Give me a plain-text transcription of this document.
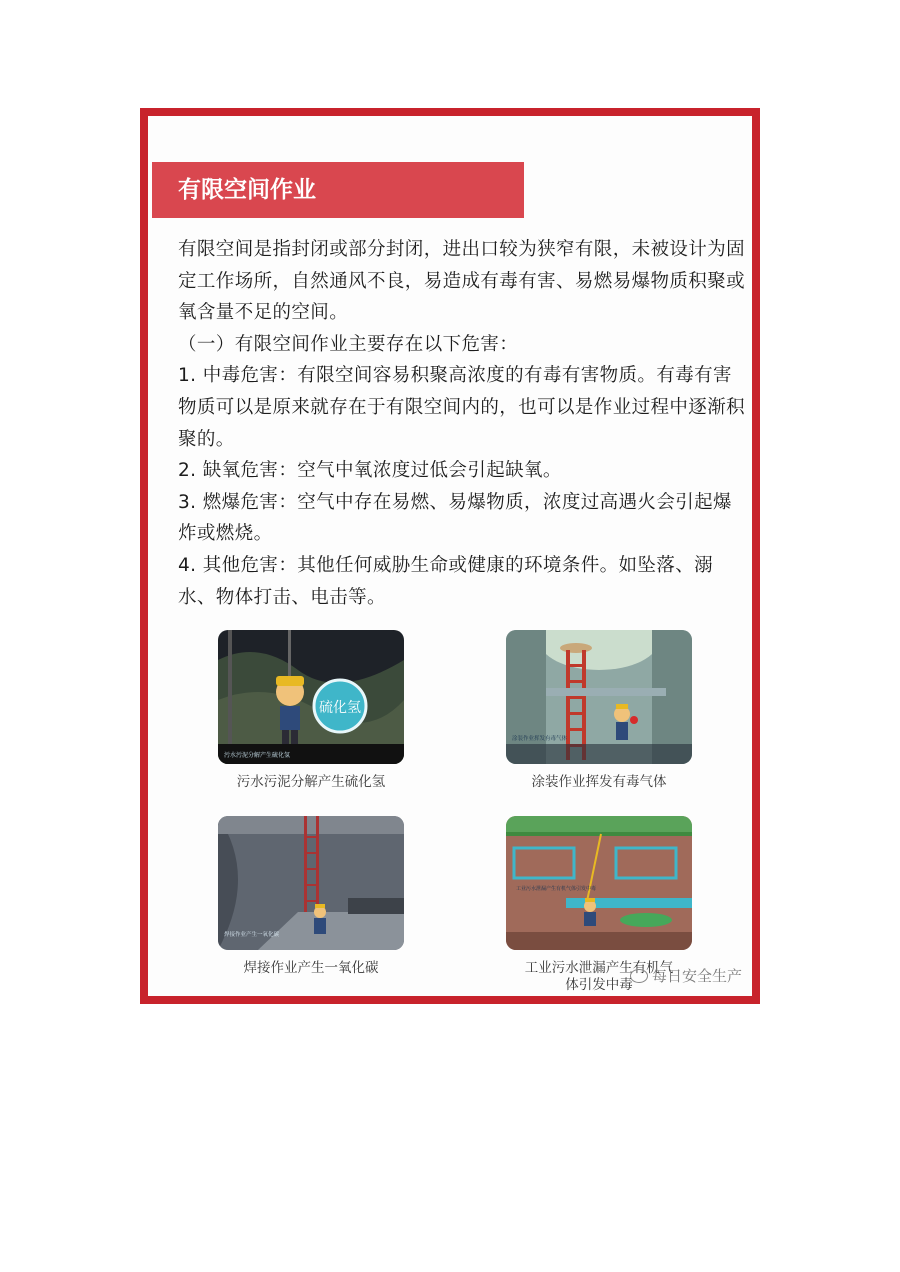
有限空间作业

有限空间是指封闭或部分封闭，进出口较为狭窄有限，未被设计为固定工作场所，自然通风不良，易造成有毒有害、易燃易爆物质积聚或氧含量不足的空间。

（一）有限空间作业主要存在以下危害：

1. 中毒危害：有限空间容易积聚高浓度的有毒有害物质。有毒有害物质可以是原来就存在于有限空间内的，也可以是作业过程中逐渐积聚的。

2. 缺氧危害：空气中氧浓度过低会引起缺氧。

3. 燃爆危害：空气中存在易燃、易爆物质，浓度过高遇火会引起爆炸或燃烧。

4. 其他危害：其他任何威胁生命或健康的环境条件。如坠落、溺水、物体打击、电击等。

硫化氢
污水污泥分解产生硫化氢
污水污泥分解产生硫化氢
涂装作业挥发有毒气体
涂装作业挥发有毒气体
焊接作业产生一氧化碳
焊接作业产生一氧化碳
工业污水泄漏产生有机气体引发中毒
工业污水泄漏产生有机气体引发中毒	每日安全生产
